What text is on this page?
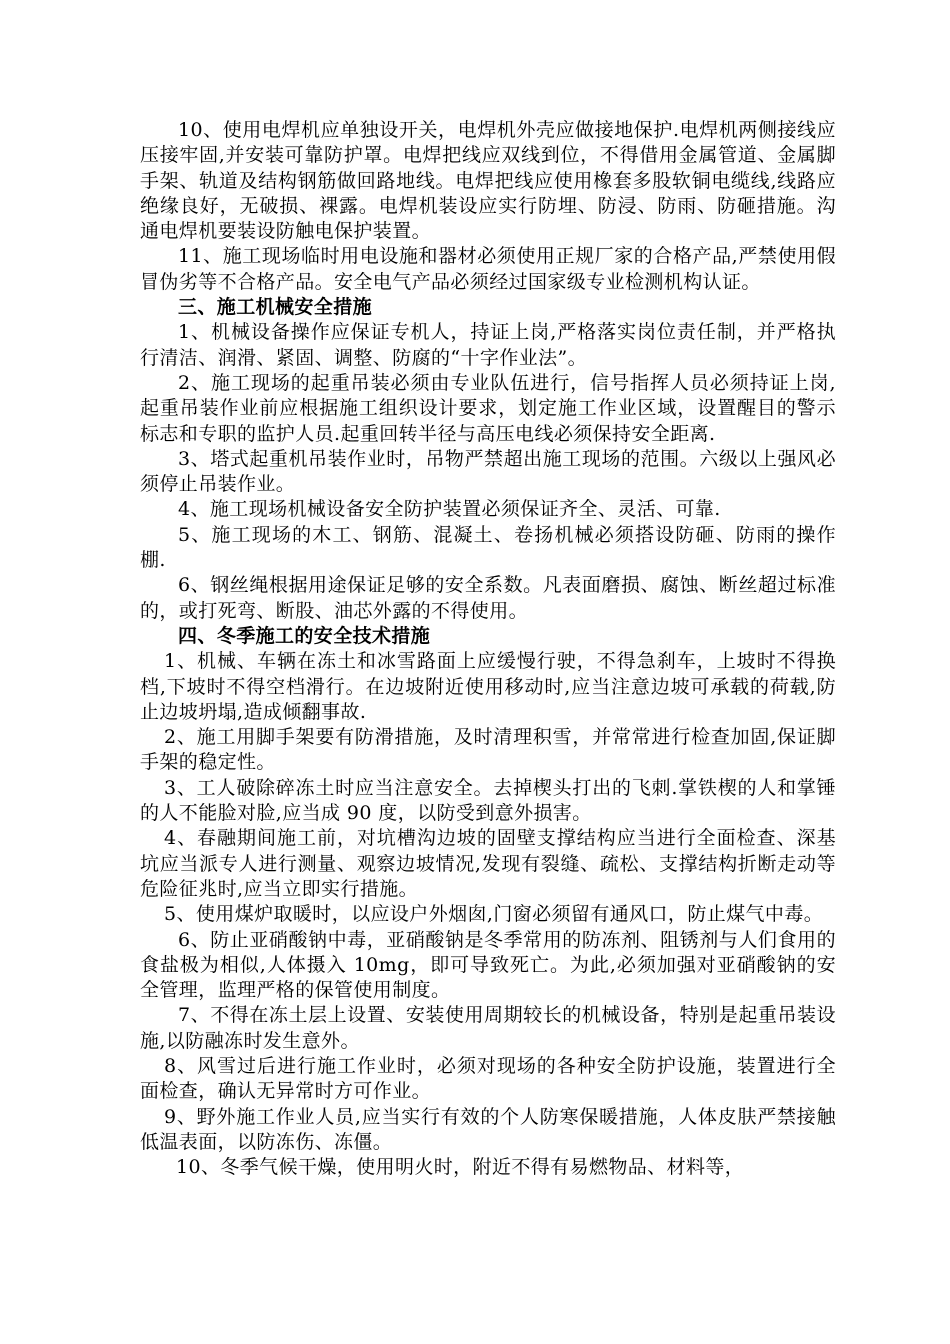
10、使用电焊机应单独设开关，电焊机外壳应做接地保护.电焊机两侧接线应压接牢固,并安装可靠防护罩。电焊把线应双线到位，不得借用金属管道、金属脚手架、轨道及结构钢筋做回路地线。电焊把线应使用橡套多股软铜电缆线,线路应绝缘良好，无破损、裸露。电焊机装设应实行防埋、防浸、防雨、防砸措施。沟通电焊机要装设防触电保护装置。

11、施工现场临时用电设施和器材必须使用正规厂家的合格产品,严禁使用假冒伪劣等不合格产品。安全电气产品必须经过国家级专业检测机构认证。

三、施工机械安全措施

1、机械设备操作应保证专机人，持证上岗,严格落实岗位责任制，并严格执行清洁、润滑、紧固、调整、防腐的“十字作业法”。

2、施工现场的起重吊装必须由专业队伍进行，信号指挥人员必须持证上岗,起重吊装作业前应根据施工组织设计要求，划定施工作业区域，设置醒目的警示标志和专职的监护人员.起重回转半径与高压电线必须保持安全距离.

3、塔式起重机吊装作业时，吊物严禁超出施工现场的范围。六级以上强风必须停止吊装作业。

4、施工现场机械设备安全防护装置必须保证齐全、灵活、可靠.

5、施工现场的木工、钢筋、混凝土、卷扬机械必须搭设防砸、防雨的操作棚.

6、钢丝绳根据用途保证足够的安全系数。凡表面磨损、腐蚀、断丝超过标准的，或打死弯、断股、油芯外露的不得使用。

四、冬季施工的安全技术措施

1、机械、车辆在冻土和冰雪路面上应缓慢行驶，不得急刹车，上坡时不得换档,下坡时不得空档滑行。在边坡附近使用移动时,应当注意边坡可承载的荷载,防止边坡坍塌,造成倾翻事故.

2、施工用脚手架要有防滑措施，及时清理积雪，并常常进行检查加固,保证脚手架的稳定性。

3、工人破除碎冻土时应当注意安全。去掉楔头打出的飞刺.掌铁楔的人和掌锤的人不能脸对脸,应当成 90 度，以防受到意外损害。

4、春融期间施工前，对坑槽沟边坡的固壁支撑结构应当进行全面检查、深基坑应当派专人进行测量、观察边坡情况,发现有裂缝、疏松、支撑结构折断走动等危险征兆时,应当立即实行措施。

5、使用煤炉取暖时，以应设户外烟囱,门窗必须留有通风口，防止煤气中毒。

6、防止亚硝酸钠中毒，亚硝酸钠是冬季常用的防冻剂、阻锈剂与人们食用的食盐极为相似,人体摄入 10mg，即可导致死亡。为此,必须加强对亚硝酸钠的安全管理，监理严格的保管使用制度。

7、不得在冻土层上设置、安装使用周期较长的机械设备，特别是起重吊装设施,以防融冻时发生意外。

8、风雪过后进行施工作业时，必须对现场的各种安全防护设施，装置进行全面检查，确认无异常时方可作业。

9、野外施工作业人员,应当实行有效的个人防寒保暖措施，人体皮肤严禁接触低温表面，以防冻伤、冻僵。

10、冬季气候干燥，使用明火时，附近不得有易燃物品、材料等，
